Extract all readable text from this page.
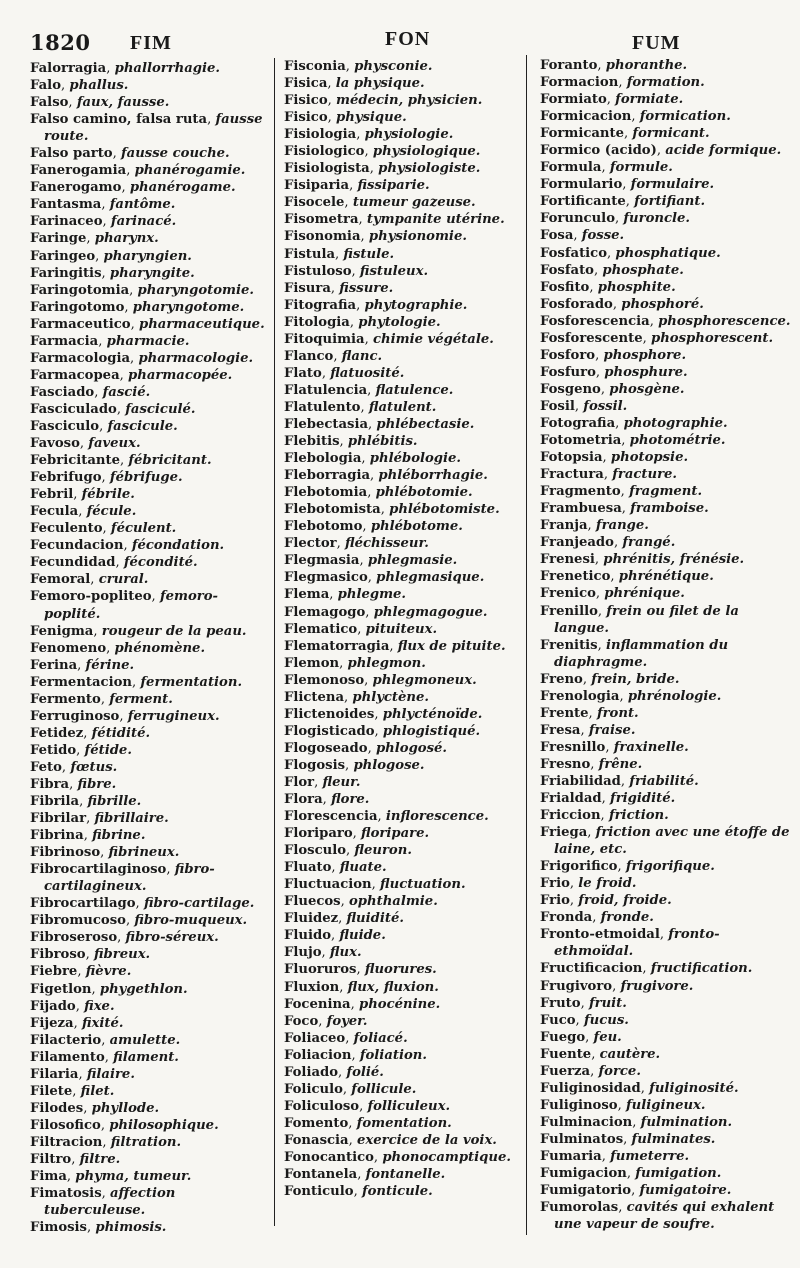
1820 FIM	FON	FUM
Falorragia, phallorrhagie.
Falo, phallus.
Falso, faux, fausse.
Falso camino, falsa ruta, fausse route.
Falso parto, fausse couche.
Fanerogamia, phanérogamie.
Fanerogamo, phanérogame.
Fantasma, fantôme.
Farinaceo, farinacé.
Faringe, pharynx.
Faringeo, pharyngien.
Faringitis, pharyngite.
Faringotomia, pharyngotomie.
Faringotomo, pharyngotome.
Farmaceutico, pharmaceutique.
Farmacia, pharmacie.
Farmacologia, pharmacologie.
Farmacopea, pharmacopée.
Fasciado, fascié.
Fasciculado, fasciculé.
Fasciculo, fascicule.
Favoso, faveux.
Febricitante, fébricitant.
Febrifugo, fébrifuge.
Febril, fébrile.
Fecula, fécule.
Feculento, féculent.
Fecundacion, fécondation.
Fecundidad, fécondité.
Femoral, crural.
Femoro-popliteo, femoro-poplité.
Fenigma, rougeur de la peau.
Fenomeno, phénomène.
Ferina, férine.
Fermentacion, fermentation.
Fermento, ferment.
Ferruginoso, ferrugineux.
Fetidez, fétidité.
Fetido, fétide.
Feto, fœtus.
Fibra, fibre.
Fibrila, fibrille.
Fibrilar, fibrillaire.
Fibrina, fibrine.
Fibrinoso, fibrineux.
Fibrocartilaginoso, fibro-cartilagineux.
Fibrocartilago, fibro-cartilage.
Fibromucoso, fibro-muqueux.
Fibroseroso, fibro-séreux.
Fibroso, fibreux.
Fiebre, fièvre.
Figetlon, phygethlon.
Fijado, fixe.
Fijeza, fixité.
Filacterio, amulette.
Filamento, filament.
Filaria, filaire.
Filete, filet.
Filodes, phyllode.
Filosofico, philosophique.
Filtracion, filtration.
Filtro, filtre.
Fima, phyma, tumeur.
Fimatosis, affection tuberculeuse.
Fimosis, phimosis.
Fisconia, physconie.
Fisica, la physique.
Fisico, médecin, physicien.
Fisico, physique.
Fisiologia, physiologie.
Fisiologico, physiologique.
Fisiologista, physiologiste.
Fisiparia, fissiparie.
Fisocele, tumeur gazeuse.
Fisometra, tympanite utérine.
Fisonomia, physionomie.
Fistula, fistule.
Fistuloso, fistuleux.
Fisura, fissure.
Fitografia, phytographie.
Fitologia, phytologie.
Fitoquimia, chimie végétale.
Flanco, flanc.
Flato, flatuosité.
Flatulencia, flatulence.
Flatulento, flatulent.
Flebectasia, phlébectasie.
Flebitis, phlébitis.
Flebologia, phlébologie.
Fleborragia, phléborrhagie.
Flebotomia, phlébotomie.
Flebotomista, phlébotomiste.
Flebotomo, phlébotome.
Flector, fléchisseur.
Flegmasia, phlegmasie.
Flegmasico, phlegmasique.
Flema, phlegme.
Flemagogo, phlegmagogue.
Flematico, pituiteux.
Flematorragia, flux de pituite.
Flemon, phlegmon.
Flemonoso, phlegmoneux.
Flictena, phlyctène.
Flictenoides, phlycténoïde.
Flogisticado, phlogistiqué.
Flogoseado, phlogosé.
Flogosis, phlogose.
Flor, fleur.
Flora, flore.
Florescencia, inflorescence.
Floriparo, floripare.
Flosculo, fleuron.
Fluato, fluate.
Fluctuacion, fluctuation.
Fluecos, ophthalmie.
Fluidez, fluidité.
Fluido, fluide.
Flujo, flux.
Fluoruros, fluorures.
Fluxion, flux, fluxion.
Focenina, phocénine.
Foco, foyer.
Foliaceo, foliacé.
Foliacion, foliation.
Foliado, folié.
Foliculo, follicule.
Foliculoso, folliculeux.
Fomento, fomentation.
Fonascia, exercice de la voix.
Fonocantico, phonocamptique.
Fontanela, fontanelle.
Fonticulo, fonticule.
Foranto, phoranthe.
Formacion, formation.
Formiato, formiate.
Formicacion, formication.
Formicante, formicant.
Formico (acido), acide formique.
Formula, formule.
Formulario, formulaire.
Fortificante, fortifiant.
Forunculo, furoncle.
Fosa, fosse.
Fosfatico, phosphatique.
Fosfato, phosphate.
Fosfito, phosphite.
Fosforado, phosphoré.
Fosforescencia, phosphorescence.
Fosforescente, phosphorescent.
Fosforo, phosphore.
Fosfuro, phosphure.
Fosgeno, phosgène.
Fosil, fossil.
Fotografia, photographie.
Fotometria, photométrie.
Fotopsia, photopsie.
Fractura, fracture.
Fragmento, fragment.
Frambuesa, framboise.
Franja, frange.
Franjeado, frangé.
Frenesi, phrénitis, frénésie.
Frenetico, phrénétique.
Frenico, phrénique.
Frenillo, frein ou filet de la langue.
Frenitis, inflammation du diaphragme.
Freno, frein, bride.
Frenologia, phrénologie.
Frente, front.
Fresa, fraise.
Fresnillo, fraxinelle.
Fresno, frêne.
Friabilidad, friabilité.
Frialdad, frigidité.
Friccion, friction.
Friega, friction avec une étoffe de laine, etc.
Frigorifico, frigorifique.
Frio, le froid.
Frio, froid, froide.
Fronda, fronde.
Fronto-etmoidal, fronto-ethmoïdal.
Fructificacion, fructification.
Frugivoro, frugivore.
Fruto, fruit.
Fuco, fucus.
Fuego, feu.
Fuente, cautère.
Fuerza, force.
Fuliginosidad, fuliginosité.
Fuliginoso, fuligineux.
Fulminacion, fulmination.
Fulminatos, fulminates.
Fumaria, fumeterre.
Fumigacion, fumigation.
Fumigatorio, fumigatoire.
Fumorolas, cavités qui exhalent une vapeur de soufre.
